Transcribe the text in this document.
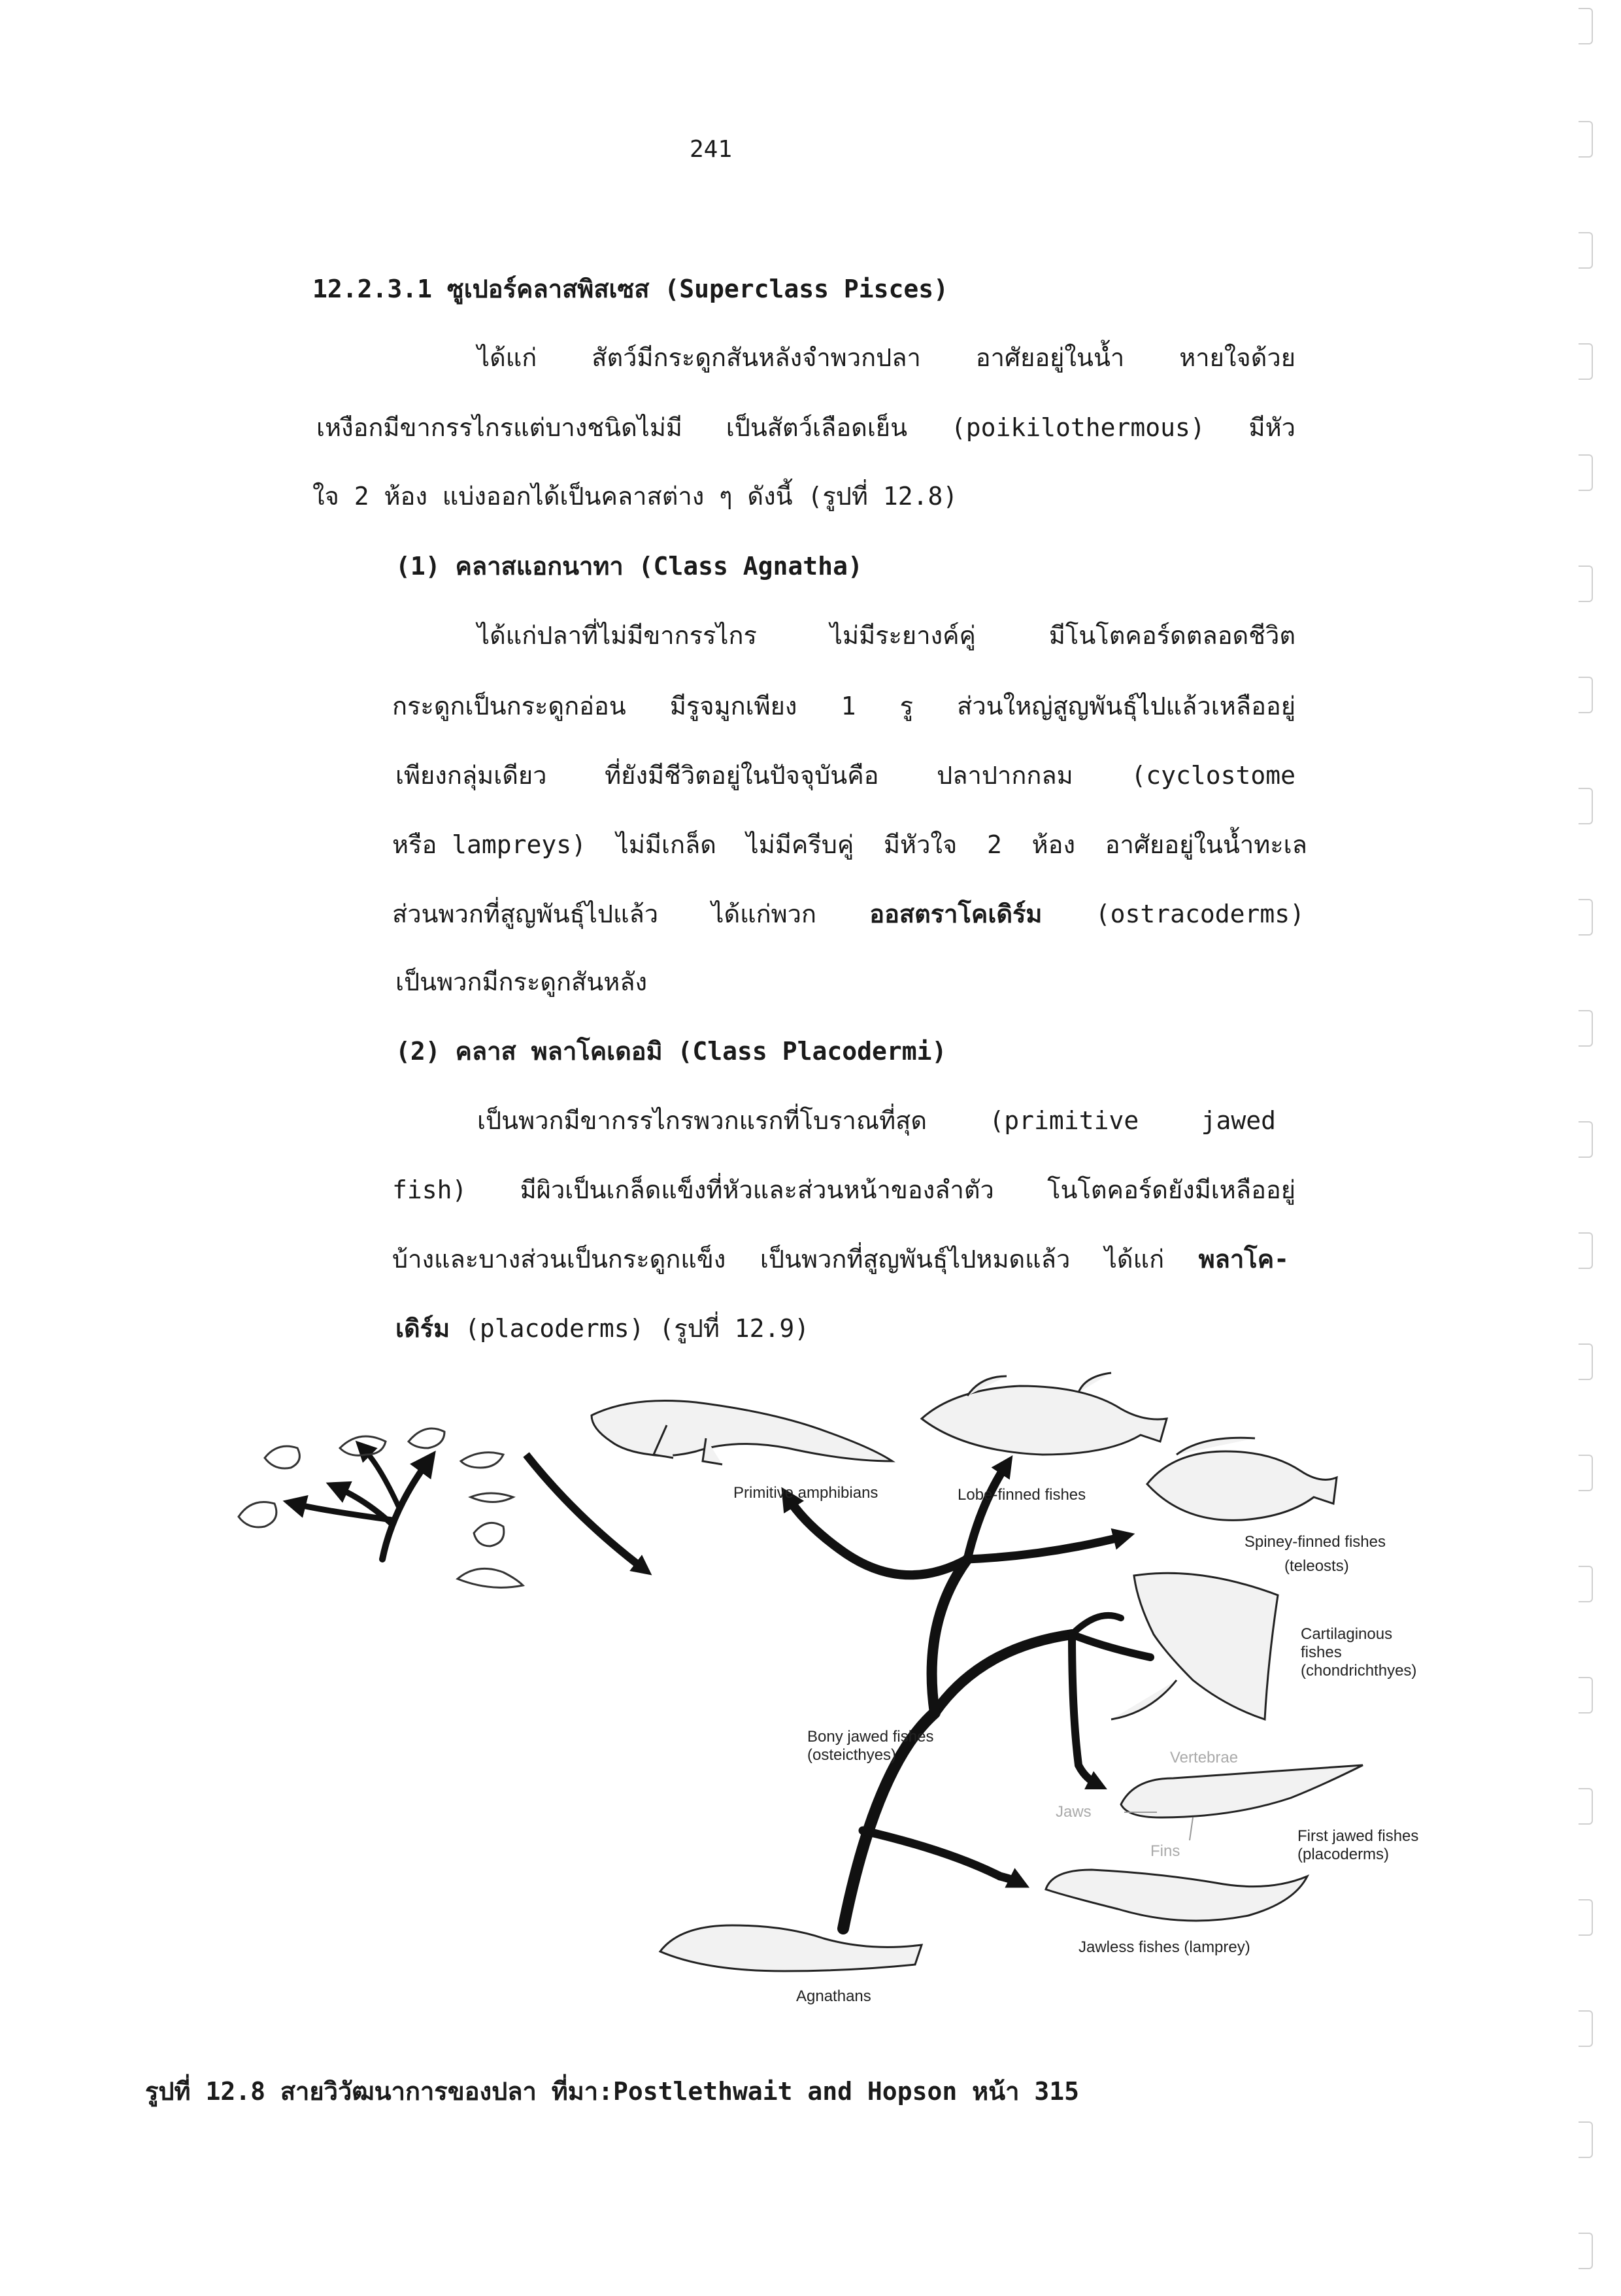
241
12.2.3.1 ซูเปอร์คลาสพิสเซส (Superclass Pisces)
ได้แก่ สัตว์มีกระดูกสันหลังจำพวกปลา อาศัยอยู่ในน้ำ หายใจด้วย
เหงือกมีขากรรไกรแต่บางชนิดไม่มี เป็นสัตว์เลือดเย็น (poikilothermous) มีหัว
ใจ 2 ห้อง แบ่งออกได้เป็นคลาสต่าง ๆ ดังนี้ (รูปที่ 12.8)
(1) คลาสแอกนาทา (Class Agnatha)
ได้แก่ปลาที่ไม่มีขากรรไกร	ไม่มีระยางค์คู่	มีโนโตคอร์ดตลอดชีวิต
กระดูกเป็นกระดูกอ่อน มีรูจมูกเพียง 1 รู ส่วนใหญ่สูญพันธุ์ไปแล้วเหลืออยู่
เพียงกลุ่มเดียว ที่ยังมีชีวิตอยู่ในปัจจุบันคือ ปลาปากกลม (cyclostome
หรือ lampreys) ไม่มีเกล็ด ไม่มีครีบคู่ มีหัวใจ 2 ห้อง อาศัยอยู่ในน้ำทะเล
ส่วนพวกที่สูญพันธุ์ไปแล้ว ได้แก่พวก ออสตราโคเดิร์ม (ostracoderms)
เป็นพวกมีกระดูกสันหลัง
(2) คลาส พลาโคเดอมิ (Class Placodermi)
เป็นพวกมีขากรรไกรพวกแรกที่โบราณที่สุด	(primitive	jawed
fish) มีผิวเป็นเกล็ดแข็งที่หัวและส่วนหน้าของลำตัว โนโตคอร์ดยังมีเหลืออยู่
บ้างและบางส่วนเป็นกระดูกแข็ง เป็นพวกที่สูญพันธุ์ไปหมดแล้ว ได้แก่ พลาโค-
เดิร์ม (placoderms) (รูปที่ 12.9)
Primitive amphibians	Lobe-finned fishes
Spiney-finned fishes
(teleosts)
Cartilaginous
fishes
(chondrichthyes)
Bony jawed fishes
(osteicthyes)	Vertebrae
Jaws
Fins
First jawed fishes
(placoderms)
Jawless fishes (lamprey)
Agnathans
รูปที่ 12.8 สายวิวัฒนาการของปลา ที่มา:Postlethwait and Hopson หน้า 315
